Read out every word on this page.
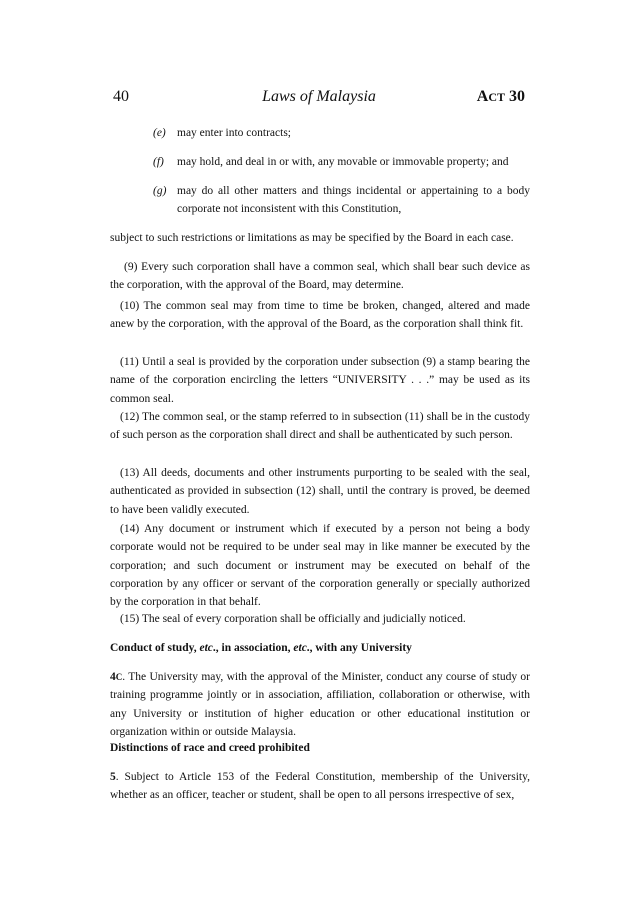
40	Laws of Malaysia	ACT 30
(e) may enter into contracts;
(f) may hold, and deal in or with, any movable or immovable property; and
(g) may do all other matters and things incidental or appertaining to a body corporate not inconsistent with this Constitution,

subject to such restrictions or limitations as may be specified by the Board in each case.

(9) Every such corporation shall have a common seal, which shall bear such device as the corporation, with the approval of the Board, may determine.

(10) The common seal may from time to time be broken, changed, altered and made anew by the corporation, with the approval of the Board, as the corporation shall think fit.

(11) Until a seal is provided by the corporation under subsection (9) a stamp bearing the name of the corporation encircling the letters “UNIVERSITY . . .” may be used as its common seal.

(12) The common seal, or the stamp referred to in subsection (11) shall be in the custody of such person as the corporation shall direct and shall be authenticated by such person.

(13) All deeds, documents and other instruments purporting to be sealed with the seal, authenticated as provided in subsection (12) shall, until the contrary is proved, be deemed to have been validly executed.

(14) Any document or instrument which if executed by a person not being a body corporate would not be required to be under seal may in like manner be executed by the corporation; and such document or instrument may be executed on behalf of the corporation by any officer or servant of the corporation generally or specially authorized by the corporation in that behalf.

(15) The seal of every corporation shall be officially and judicially noticed.

Conduct of study, etc., in association, etc., with any University

4C. The University may, with the approval of the Minister, conduct any course of study or training programme jointly or in association, affiliation, collaboration or otherwise, with any University or institution of higher education or other educational institution or organization within or outside Malaysia.

Distinctions of race and creed prohibited

5. Subject to Article 153 of the Federal Constitution, membership of the University, whether as an officer, teacher or student, shall be open to all persons irrespective of sex,
